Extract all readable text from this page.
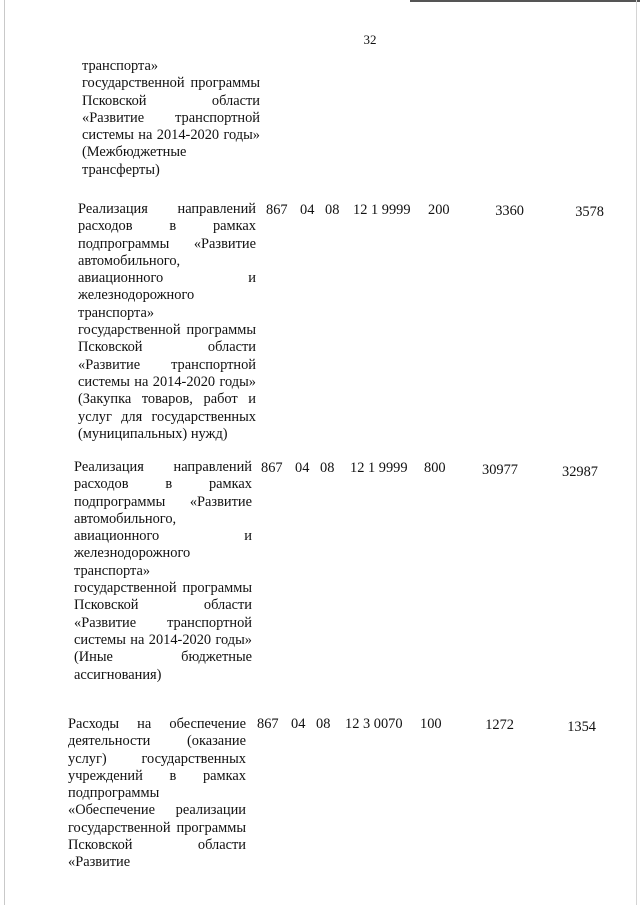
32
транспорта» государственной программы Псковской области «Развитие транспортной системы на 2014-2020 годы» (Межбюджетные трансферты)
Реализация направлений расходов в рамках подпрограммы «Развитие автомобильного, авиационного и железнодорожного транспорта» государственной программы Псковской области «Развитие транспортной системы на 2014-2020 годы» (Закупка товаров, работ и услуг для государственных (муниципальных) нужд)
867 04 08 12 1 9999 200	3360	3578
Реализация направлений расходов в рамках подпрограммы «Развитие автомобильного, авиационного и железнодорожного транспорта» государственной программы Псковской области «Развитие транспортной системы на 2014-2020 годы» (Иные бюджетные ассигнования)
867 04 08 12 1 9999 800	30977	32987
Расходы на обеспечение деятельности (оказание услуг) государственных учреждений в рамках подпрограммы «Обеспечение реализации государственной программы Псковской области «Развитие
867 04 08 12 3 0070 100	1272	1354
